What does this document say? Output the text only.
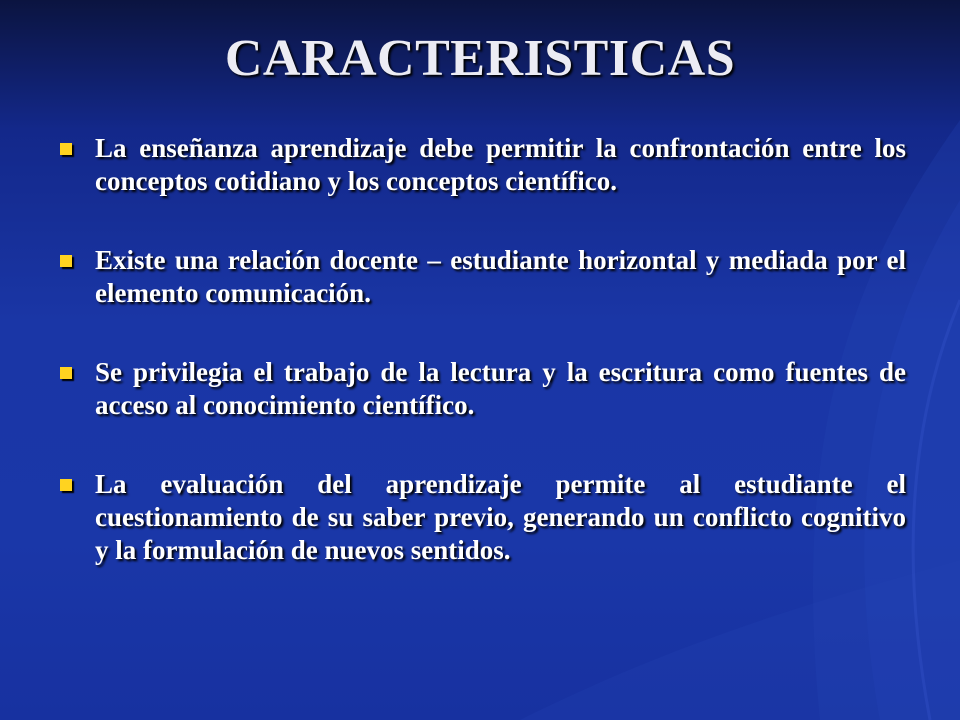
CARACTERISTICAS
La enseñanza aprendizaje debe permitir la confrontación entre los conceptos cotidiano y los conceptos científico.
Existe una relación docente – estudiante horizontal y mediada por el elemento comunicación.
Se privilegia el trabajo de la lectura y la escritura como fuentes de acceso al conocimiento científico.
La evaluación del aprendizaje permite al estudiante el cuestionamiento de su saber previo, generando un conflicto cognitivo y la formulación de nuevos sentidos.
